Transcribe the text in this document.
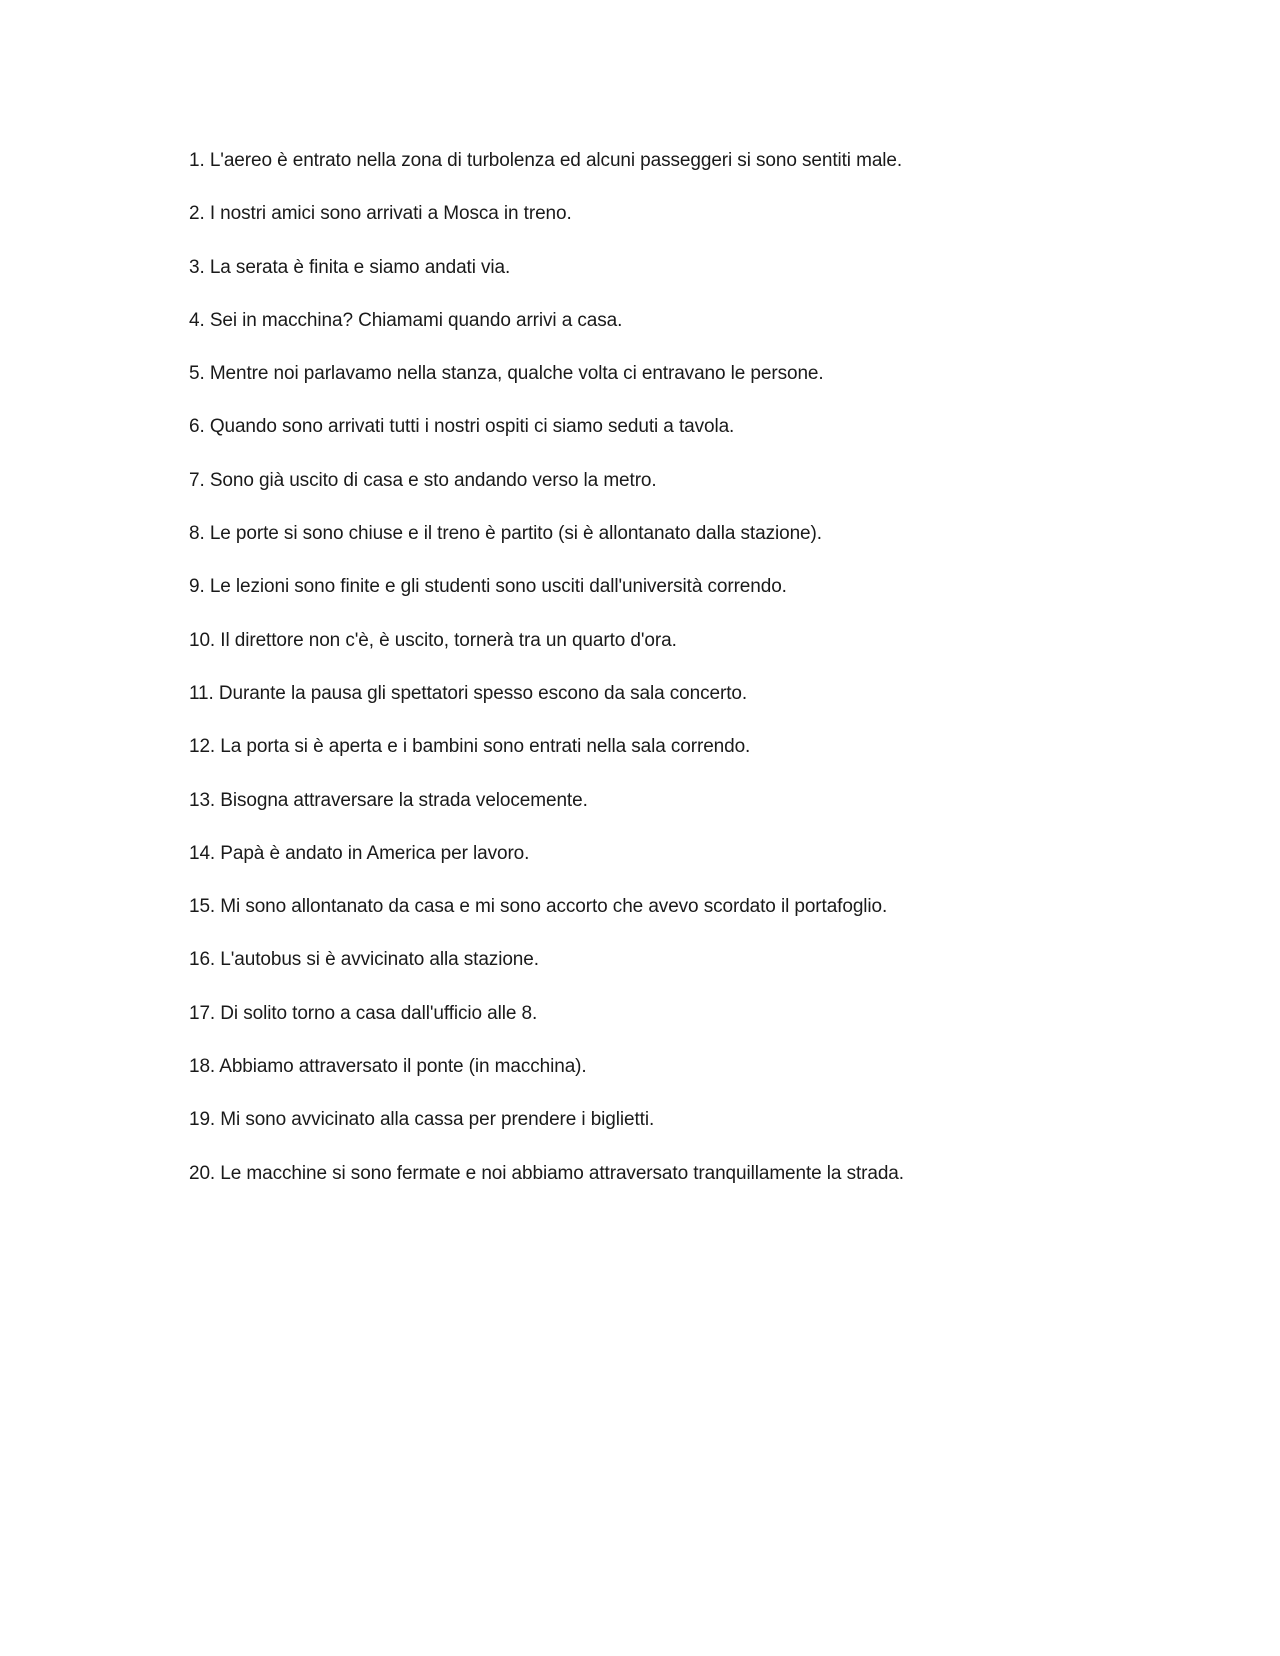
1. L'aereo è entrato nella zona di turbolenza ed alcuni passeggeri si sono sentiti male.
2. I nostri amici sono arrivati a Mosca in treno.
3. La serata è finita e siamo andati via.
4. Sei in macchina? Chiamami quando arrivi a casa.
5. Mentre noi parlavamo nella stanza, qualche volta ci entravano le persone.
6. Quando sono arrivati tutti i nostri ospiti ci siamo seduti a tavola.
7. Sono già uscito di casa e sto andando verso la metro.
8. Le porte si sono chiuse e il treno è partito (si è allontanato dalla stazione).
9. Le lezioni sono finite e gli studenti sono usciti dall'università correndo.
10. Il direttore non c'è, è uscito, tornerà tra un quarto d'ora.
11. Durante la pausa gli spettatori spesso escono da sala concerto.
12. La porta si è aperta e i bambini sono entrati nella sala correndo.
13. Bisogna attraversare la strada velocemente.
14. Papà è andato in America per lavoro.
15. Mi sono allontanato da casa e mi sono accorto che avevo scordato il portafoglio.
16. L'autobus si è avvicinato alla stazione.
17. Di solito torno a casa dall'ufficio alle 8.
18. Abbiamo attraversato il ponte (in macchina).
19. Mi sono avvicinato alla cassa per prendere i biglietti.
20. Le macchine si sono fermate e noi abbiamo attraversato tranquillamente la strada.
